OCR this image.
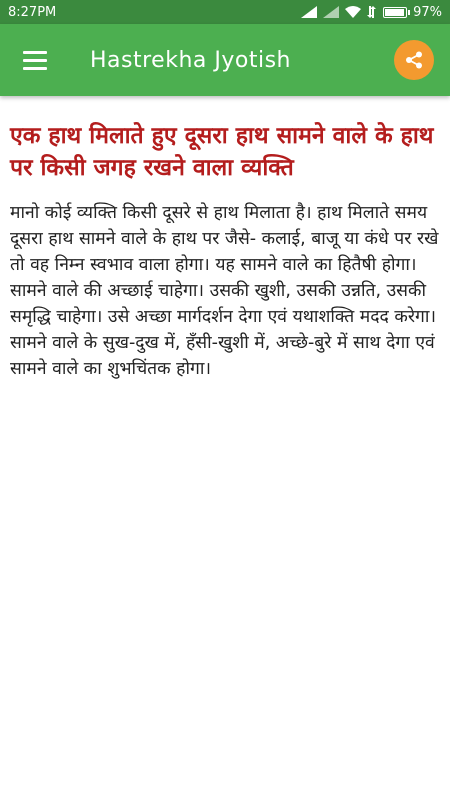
8:27PM	97%
Hastrekha Jyotish
एक हाथ मिलाते हुए दूसरा हाथ सामने वाले के हाथ पर किसी जगह रखने वाला व्यक्ति

मानो कोई व्यक्ति किसी दूसरे से हाथ मिलाता है। हाथ मिलाते समय दूसरा हाथ सामने वाले के हाथ पर जैसे- कलाई, बाजू या कंधे पर रखे तो वह निम्न स्वभाव वाला होगा। यह सामने वाले का हितैषी होगा। सामने वाले की अच्छाई चाहेगा। उसकी खुशी, उसकी उन्नति, उसकी समृद्धि चाहेगा। उसे अच्छा मार्गदर्शन देगा एवं यथाशक्ति मदद करेगा। सामने वाले के सुख-दुख में, हँसी-खुशी में, अच्छे-बुरे में साथ देगा एवं सामने वाले का शुभचिंतक होगा।
